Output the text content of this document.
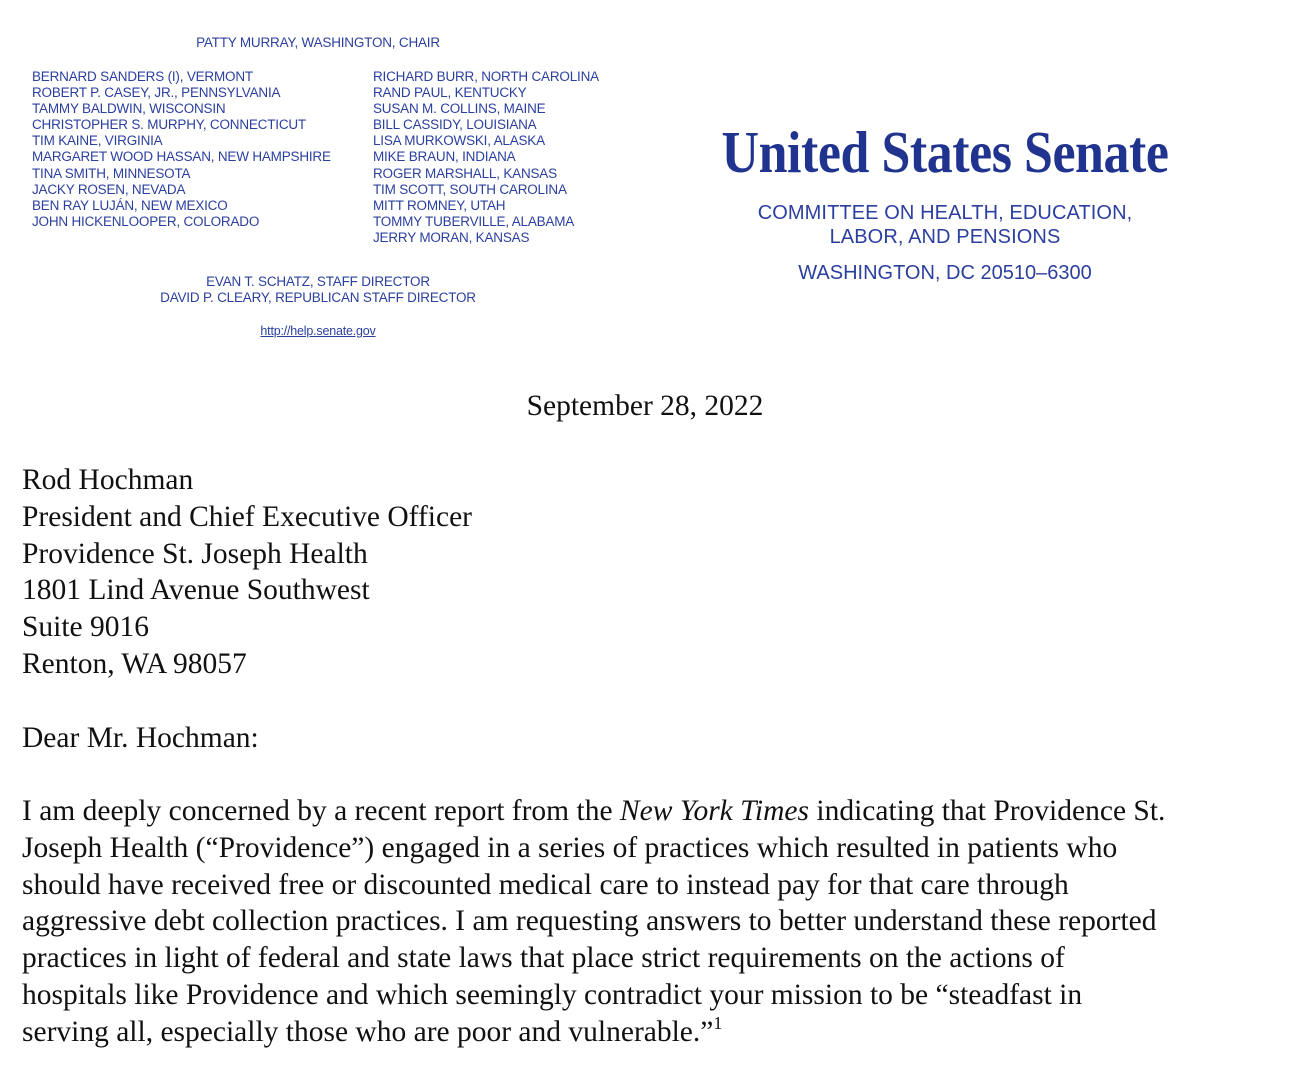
PATTY MURRAY, WASHINGTON, CHAIR
BERNARD SANDERS (I), VERMONT
ROBERT P. CASEY, JR., PENNSYLVANIA
TAMMY BALDWIN, WISCONSIN
CHRISTOPHER S. MURPHY, CONNECTICUT
TIM KAINE, VIRGINIA
MARGARET WOOD HASSAN, NEW HAMPSHIRE
TINA SMITH, MINNESOTA
JACKY ROSEN, NEVADA
BEN RAY LUJÁN, NEW MEXICO
JOHN HICKENLOOPER, COLORADO
RICHARD BURR, NORTH CAROLINA
RAND PAUL, KENTUCKY
SUSAN M. COLLINS, MAINE
BILL CASSIDY, LOUISIANA
LISA MURKOWSKI, ALASKA
MIKE BRAUN, INDIANA
ROGER MARSHALL, KANSAS
TIM SCOTT, SOUTH CAROLINA
MITT ROMNEY, UTAH
TOMMY TUBERVILLE, ALABAMA
JERRY MORAN, KANSAS
EVAN T. SCHATZ, STAFF DIRECTOR
DAVID P. CLEARY, REPUBLICAN STAFF DIRECTOR
http://help.senate.gov
United States Senate
COMMITTEE ON HEALTH, EDUCATION,
LABOR, AND PENSIONS
WASHINGTON, DC 20510–6300
September 28, 2022
Rod Hochman
President and Chief Executive Officer
Providence St. Joseph Health
1801 Lind Avenue Southwest
Suite 9016
Renton, WA 98057
Dear Mr. Hochman:
I am deeply concerned by a recent report from the New York Times indicating that Providence St.
Joseph Health (“Providence”) engaged in a series of practices which resulted in patients who
should have received free or discounted medical care to instead pay for that care through
aggressive debt collection practices. I am requesting answers to better understand these reported
practices in light of federal and state laws that place strict requirements on the actions of
hospitals like Providence and which seemingly contradict your mission to be “steadfast in
serving all, especially those who are poor and vulnerable.”$^1$
